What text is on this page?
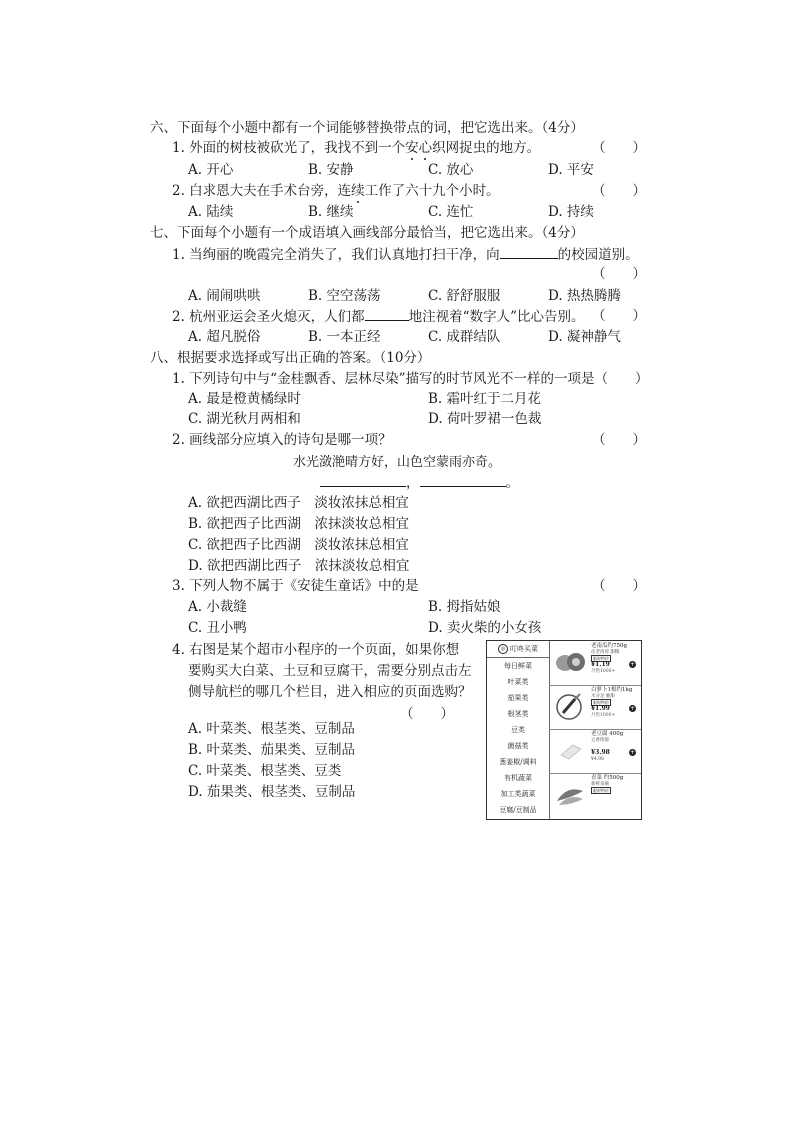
六、下面每个小题中都有一个词能够替换带点的词，把它选出来。（4分）
1. 外面的树枝被砍光了，我找不到一个安心织网捉虫的地方。	（　　）
A. 开心	B. 安静	C. 放心	D. 平安
2. 白求恩大夫在手术台旁，连续工作了六十九个小时。	（　　）
A. 陆续	B. 继续	C. 连忙	D. 持续
七、下面每个小题有一个成语填入画线部分最恰当，把它选出来。（4分）
1. 当绚丽的晚霞完全消失了，我们认真地打扫干净，向	的校园道别。
（　　）
A. 闹闹哄哄	B. 空空荡荡	C. 舒舒服服	D. 热热腾腾
2. 杭州亚运会圣火熄灭，人们都	地注视着“数字人”比心告别。 （　　）
A. 超凡脱俗	B. 一本正经	C. 成群结队	D. 凝神静气
八、根据要求选择或写出正确的答案。（10分）
1. 下列诗句中与“金桂飘香、层林尽染”描写的时节风光不一样的一项是（　　）
A. 最是橙黄橘绿时	B. 霜叶红于二月花
C. 湖光秋月两相和	D. 荷叶罗裙一色裁
2. 画线部分应填入的诗句是哪一项？	（　　）
水光潋滟晴方好，山色空蒙雨亦奇。
，	。
A. 欲把西湖比西子　淡妆浓抹总相宜
B. 欲把西子比西湖　浓抹淡妆总相宜
C. 欲把西子比西湖　淡妆浓抹总相宜
D. 欲把西湖比西子　浓抹淡妆总相宜
3. 下列人物不属于《安徒生童话》中的是	（　　）
A. 小裁缝	B. 拇指姑娘
C. 丑小鸭	D. 卖火柴的小女孩
4. 右图是某个超市小程序的一个页面，如果你想
要购买大白菜、土豆和豆腐干，需要分别点击左
侧导航栏的哪几个栏目，进入相应的页面选购？
（　　）
A. 叶菜类、根茎类、豆制品
B. 叶菜类、茄果类、豆制品
C. 叶菜类、根茎类、豆类
D. 茄果类、根茎类、豆制品
◎ 叮咚买菜
每日鲜菜
叶菜类
茄果类
根茎类
豆类
菌菇类
葱姜椒/调料
有机蔬菜
加工类蔬菜
豆腐/豆制品
老南瓜约750g
皮老肉厚 甜糯
限时特价
¥1.19
月售1000+
+
白萝卜1根约1kg
水分足 脆甜
限时特价
¥1.99
月售1000+
+
老豆腐 400g
豆香浓郁
¥3.98
¥4.98
+
青菜 约500g
新鲜采摘
限时特价
